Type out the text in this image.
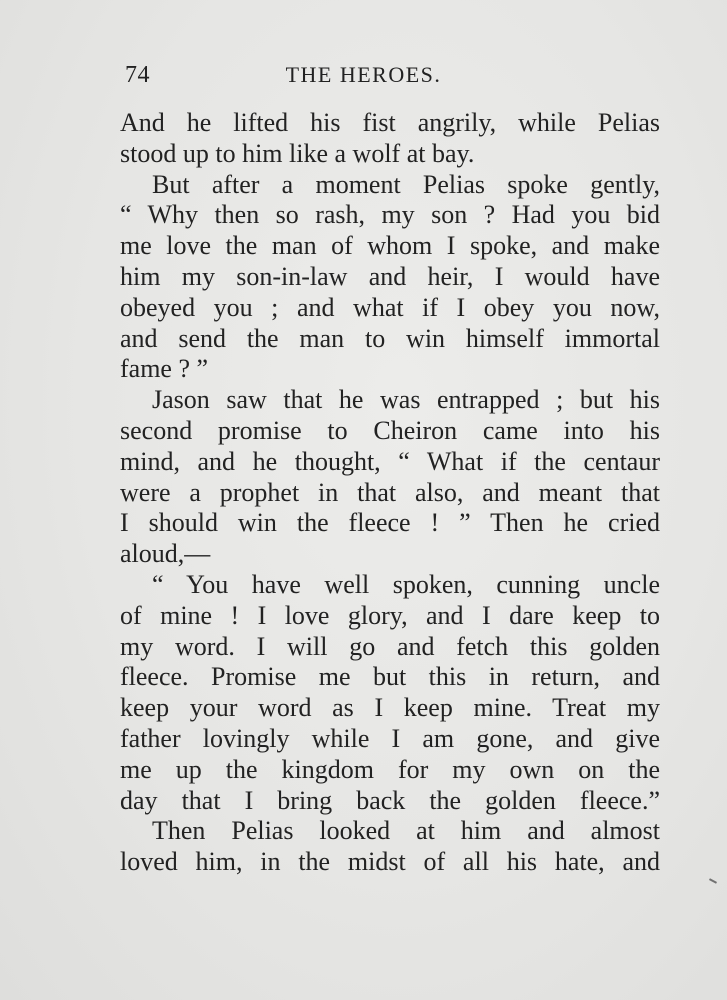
74	THE HEROES.
And he lifted his fist angrily, while Pelias
stood up to him like a wolf at bay.
But after a moment Pelias spoke gently,
“ Why then so rash, my son ? Had you bid
me love the man of whom I spoke, and make
him my son-in-law and heir, I would have
obeyed you ; and what if I obey you now,
and send the man to win himself immortal
fame ? ”
Jason saw that he was entrapped ; but his
second promise to Cheiron came into his
mind, and he thought, “ What if the centaur
were a prophet in that also, and meant that
I should win the fleece ! ” Then he cried
aloud,—
“ You have well spoken, cunning uncle
of mine ! I love glory, and I dare keep to
my word. I will go and fetch this golden
fleece. Promise me but this in return, and
keep your word as I keep mine. Treat my
father lovingly while I am gone, and give
me up the kingdom for my own on the
day that I bring back the golden fleece.”
Then Pelias looked at him and almost
loved him, in the midst of all his hate, and
